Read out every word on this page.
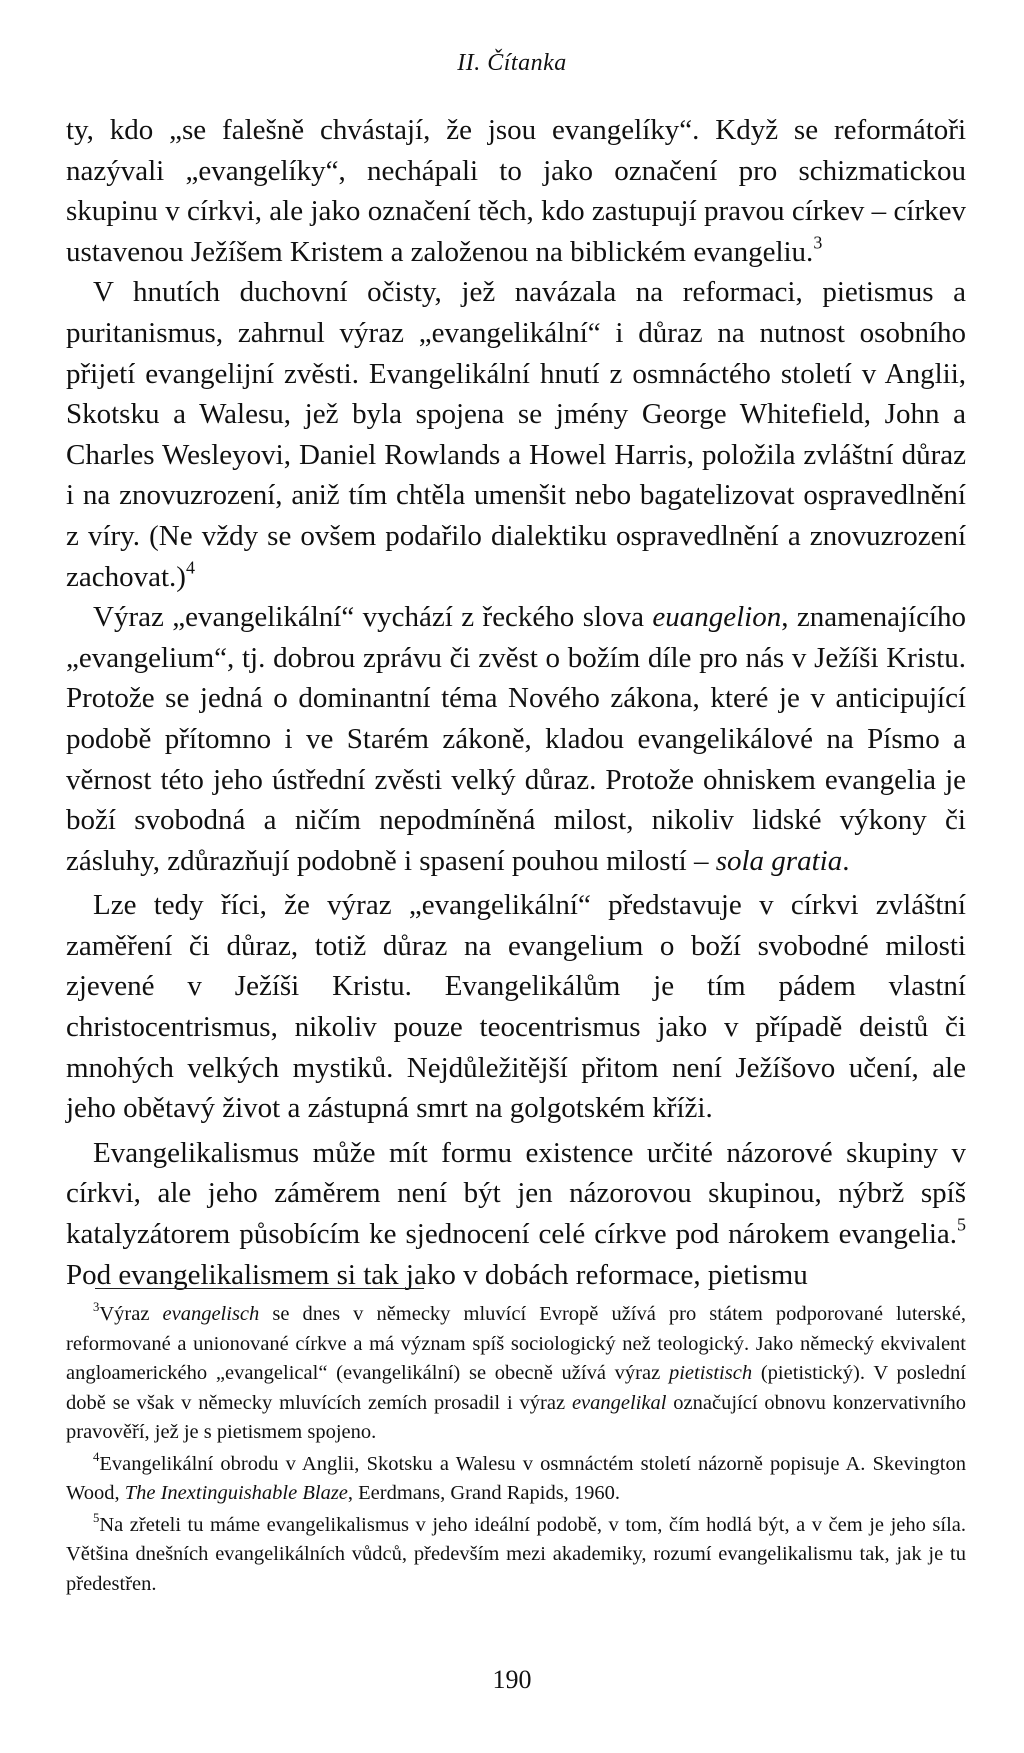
II. Čítanka

ty, kdo „se falešně chvástají, že jsou evangelíky“. Když se reformátoři nazývali „evangelíky“, nechápali to jako označení pro schizmatickou skupinu v církvi, ale jako označení těch, kdo zastupují pravou církev – církev ustavenou Ježíšem Kristem a založenou na biblickém evangeliu.$^3$

V hnutích duchovní očisty, jež navázala na reformaci, pietismus a puritanismus, zahrnul výraz „evangelikální“ i důraz na nutnost osobního přijetí evangelijní zvěsti. Evangelikální hnutí z osmnáctého století v Anglii, Skotsku a Walesu, jež byla spojena se jmény George Whitefield, John a Charles Wesleyovi, Daniel Rowlands a Howel Harris, položila zvláštní důraz i na znovuzrození, aniž tím chtěla umenšit nebo bagatelizovat ospravedlnění z víry. (Ne vždy se ovšem podařilo dialektiku ospravedlnění a znovuzrození zachovat.)$^4$

Výraz „evangelikální“ vychází z řeckého slova euangelion, znamenajícího „evangelium“, tj. dobrou zprávu či zvěst o božím díle pro nás v Ježíši Kristu. Protože se jedná o dominantní téma Nového zákona, které je v anticipující podobě přítomno i ve Starém zákoně, kladou evangelikálové na Písmo a věrnost této jeho ústřední zvěsti velký důraz. Protože ohniskem evangelia je boží svobodná a ničím nepodmíněná milost, nikoliv lidské výkony či zásluhy, zdůrazňují podobně i spasení pouhou milostí – sola gratia.

Lze tedy říci, že výraz „evangelikální“ představuje v církvi zvláštní zaměření či důraz, totiž důraz na evangelium o boží svobodné milosti zjevené v Ježíši Kristu. Evangelikálům je tím pádem vlastní christocentrismus, nikoliv pouze teocentrismus jako v případě deistů či mnohých velkých mystiků. Nejdůležitější přitom není Ježíšovo učení, ale jeho obětavý život a zástupná smrt na golgotském kříži.

Evangelikalismus může mít formu existence určité názorové skupiny v církvi, ale jeho záměrem není být jen názorovou skupinou, nýbrž spíš katalyzátorem působícím ke sjednocení celé církve pod nárokem evangelia.$^5$ Pod evangelikalismem si tak jako v dobách reformace, pietismu

$^3$Výraz evangelisch se dnes v německy mluvící Evropě užívá pro státem podporované luterské, reformované a unionované církve a má význam spíš sociologický než teologický. Jako německý ekvivalent angloamerického „evangelical“ (evangelikální) se obecně užívá výraz pietistisch (pietistický). V poslední době se však v německy mluvících zemích prosadil i výraz evangelikal označující obnovu konzervativního pravověří, jež je s pietismem spojeno.

$^4$Evangelikální obrodu v Anglii, Skotsku a Walesu v osmnáctém století názorně popisuje A. Skevington Wood, The Inextinguishable Blaze, Eerdmans, Grand Rapids, 1960.

$^5$Na zřeteli tu máme evangelikalismus v jeho ideální podobě, v tom, čím hodlá být, a v čem je jeho síla. Většina dnešních evangelikálních vůdců, především mezi akademiky, rozumí evangelikalismu tak, jak je tu předestřen.

190
